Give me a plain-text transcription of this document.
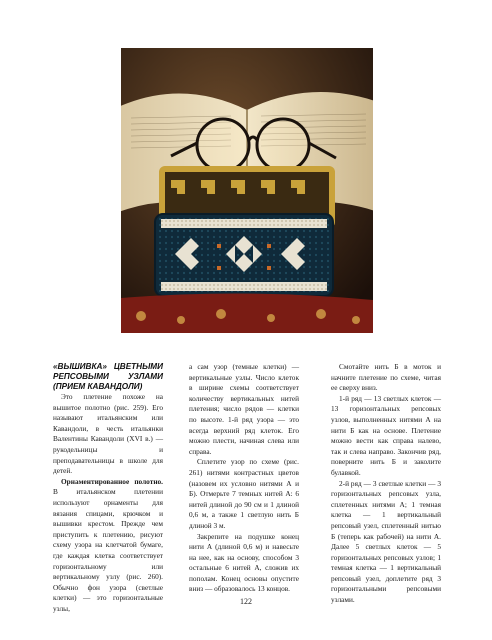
«ВЫШИВКА» ЦВЕТНЫМИ РЕПСОВЫМИ УЗЛАМИ (ПРИЕМ КАВАНДОЛИ)

Это плетение похоже на вышитое полотно (рис. 259). Его называют итальянским или Кавандоли, в честь итальянки Валентины Кавандоли (XVI в.) — рукодельницы и преподавательницы в школе для детей.

Орнаментированное полотно. В итальянском плетении используют орнаменты для вязания спицами, крючком и вышивки крестом. Прежде чем приступить к плетению, рисуют схему узора на клетчатой бумаге, где каждая клетка соответствует горизонтальному или вертикальному узлу (рис. 260). Обычно фон узора (светлые клетки) — это горизонтальные узлы,

а сам узор (темные клетки) — вертикальные узлы. Число клеток в ширине схемы соответствует количеству вертикальных нитей плетения; число рядов — клетки по высоте. 1-й ряд узора — это всегда верхний ряд клеток. Его можно плести, начиная слева или справа.

Сплетите узор по схеме (рис. 261) нитями контрастных цветов (назовем их условно нитями А и Б). Отмерьте 7 темных нитей А: 6 нитей длиной до 90 см и 1 длиной 0,6 м, а также 1 светлую нить Б длиной 3 м.

Закрепите на подушке конец нити А (длиной 0,6 м) и навесьте на нее, как на основу, способом 3 остальные 6 нитей А, сложив их пополам. Конец основы опустите вниз — образовалось 13 концов.

Смотайте нить Б в моток и начните плетение по схеме, читая ее сверху вниз.

1-й ряд — 13 светлых клеток — 13 горизонтальных репсовых узлов, выполненных нитями А на нити Б как на основе. Плетение можно вести как справа налево, так и слева направо. Закончив ряд, поверните нить Б и заколите булавкой.

2-й ряд — 3 светлые клетки — 3 горизонтальных репсовых узла, сплетенных нитями А; 1 темная клетка — 1 вертикальный репсовый узел, сплетенный нитью Б (теперь как рабочей) на нити А. Далее 5 светлых клеток — 5 горизонтальных репсовых узлов; 1 темная клетка — 1 вертикальный репсовый узел, доплетите ряд 3 горизонтальными репсовыми узлами.

122
